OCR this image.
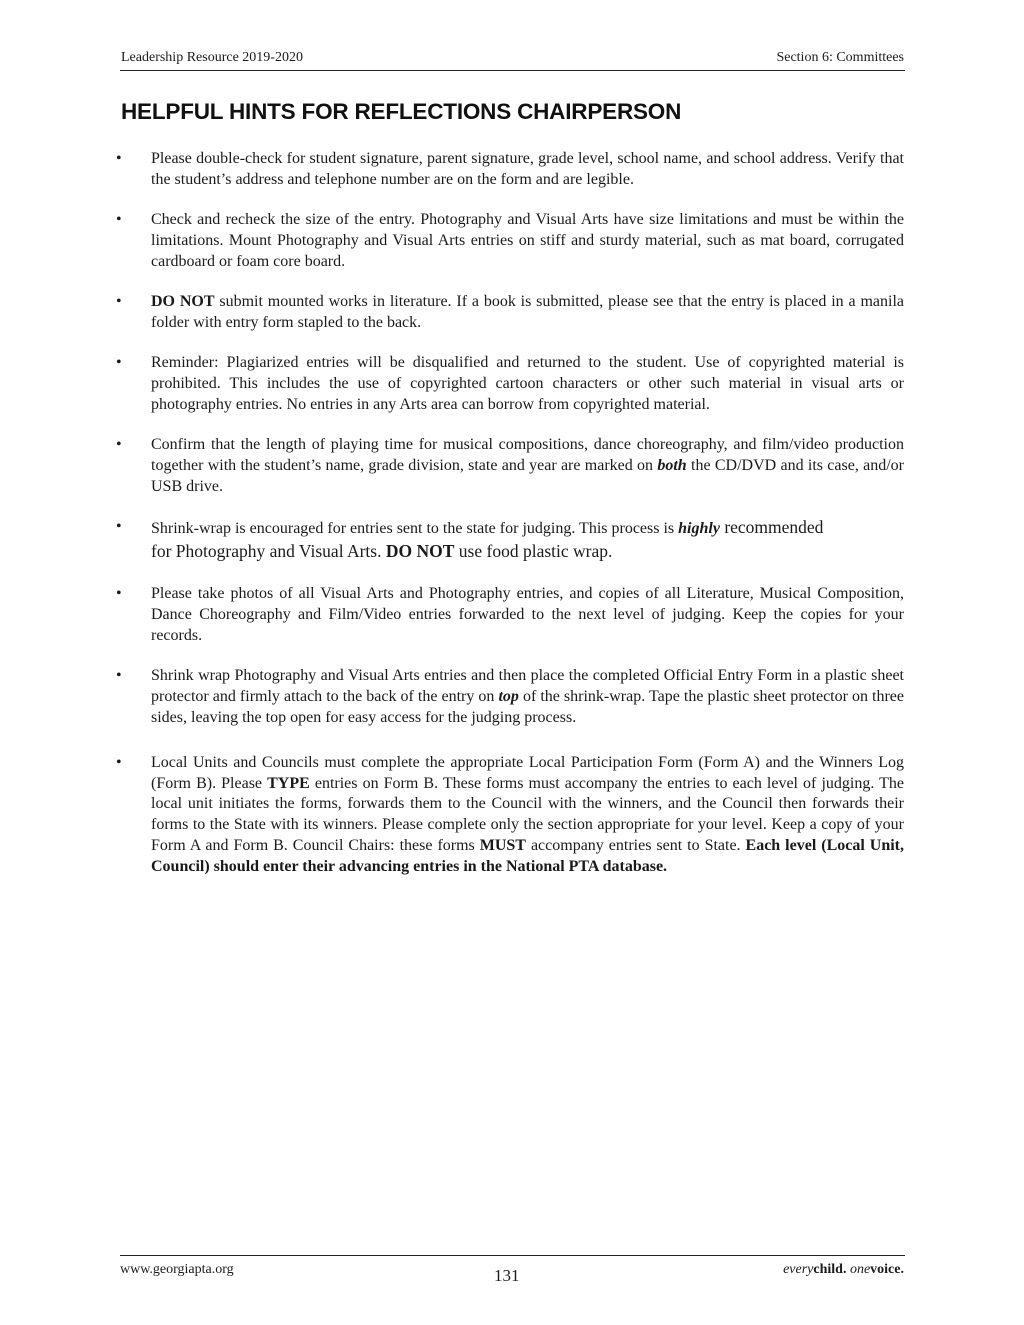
Leadership Resource 2019-2020	Section 6: Committees
HELPFUL HINTS FOR REFLECTIONS CHAIRPERSON
• Please double-check for student signature, parent signature, grade level, school name, and school address. Verify that the student’s address and telephone number are on the form and are legible.
• Check and recheck the size of the entry. Photography and Visual Arts have size limitations and must be within the limitations. Mount Photography and Visual Arts entries on stiff and sturdy material, such as mat board, corrugated cardboard or foam core board.
• DO NOT submit mounted works in literature. If a book is submitted, please see that the entry is placed in a manila folder with entry form stapled to the back.
• Reminder: Plagiarized entries will be disqualified and returned to the student. Use of copyrighted material is prohibited. This includes the use of copyrighted cartoon characters or other such material in visual arts or photography entries. No entries in any Arts area can borrow from copyrighted material.
• Confirm that the length of playing time for musical compositions, dance choreography, and film/video production together with the student’s name, grade division, state and year are marked on both the CD/DVD and its case, and/or USB drive.
• Shrink-wrap is encouraged for entries sent to the state for judging. This process is highly recommended
for Photography and Visual Arts. DO NOT use food plastic wrap.
• Please take photos of all Visual Arts and Photography entries, and copies of all Literature, Musical Composition, Dance Choreography and Film/Video entries forwarded to the next level of judging. Keep the copies for your records.
• Shrink wrap Photography and Visual Arts entries and then place the completed Official Entry Form in a plastic sheet protector and firmly attach to the back of the entry on top of the shrink-wrap. Tape the plastic sheet protector on three sides, leaving the top open for easy access for the judging process.
• Local Units and Councils must complete the appropriate Local Participation Form (Form A) and the Winners Log (Form B). Please TYPE entries on Form B. These forms must accompany the entries to each level of judging. The local unit initiates the forms, forwards them to the Council with the winners, and the Council then forwards their forms to the State with its winners. Please complete only the section appropriate for your level. Keep a copy of your Form A and Form B. Council Chairs: these forms MUST accompany entries sent to State. Each level (Local Unit, Council) should enter their advancing entries in the National PTA database.
www.georgiapta.org	131	everychild. onevoice.
